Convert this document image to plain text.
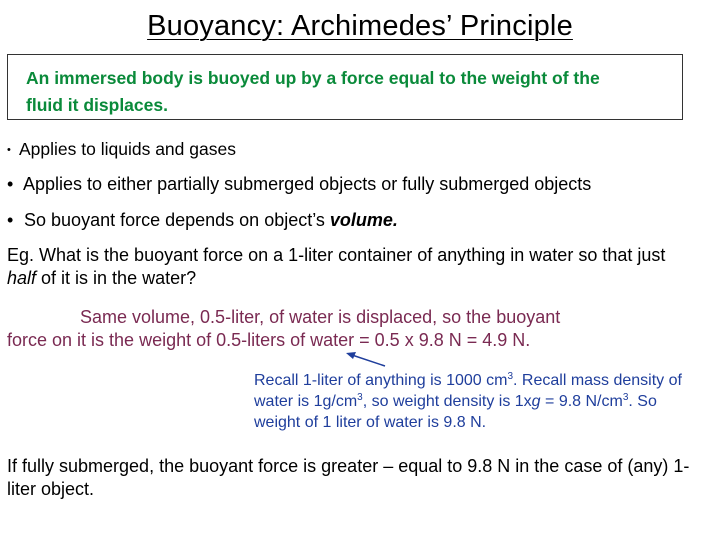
Buoyancy: Archimedes’ Principle
An immersed body is buoyed up by a force equal to the weight of the
fluid it displaces.
• Applies to liquids and gases
• Applies to either partially submerged objects or fully submerged objects
• So buoyant force depends on object’s volume.
Eg. What is the buoyant force on a 1-liter container of anything in water so that just half of it is in the water?
Same volume, 0.5-liter, of water is displaced, so the buoyant
force on it is the weight of 0.5-liters of water = 0.5 x 9.8 N = 4.9 N.
Recall 1-liter of anything is 1000 $cm^3$. Recall mass density of water is $1g/cm^3$, so weight density is 1xg = 9.8 $N/cm^3$. So weight of 1 liter of water is 9.8 N.
If fully submerged, the buoyant force is greater – equal to 9.8 N in the case of (any) 1-liter object.
